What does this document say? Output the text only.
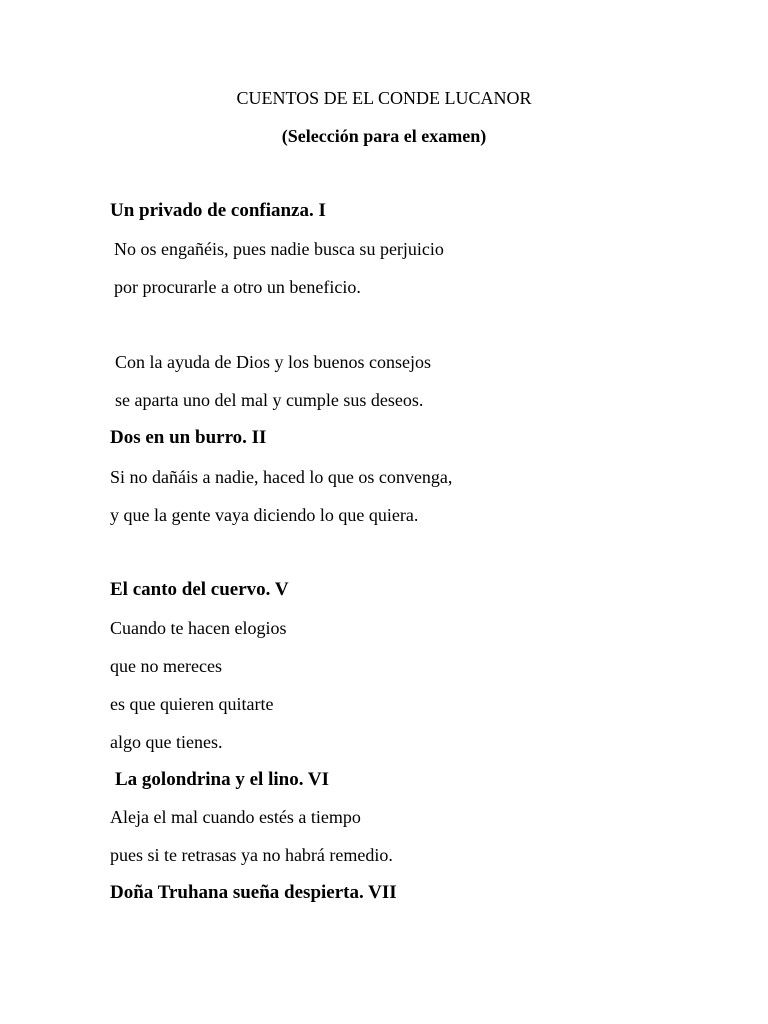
CUENTOS DE EL CONDE LUCANOR
(Selección para el examen)
Un privado de confianza. I
No os engañéis, pues nadie busca su perjuicio
por procurarle a otro un beneficio.
Con la ayuda de Dios y los buenos consejos
se aparta uno del mal y cumple sus deseos.
Dos en un burro. II
Si no dañáis a nadie, haced lo que os convenga,
y que la gente vaya diciendo lo que quiera.
El canto del cuervo. V
Cuando te hacen elogios
que no mereces
es que quieren quitarte
algo que tienes.
La golondrina y el lino. VI
Aleja el mal cuando estés a tiempo
pues si te retrasas ya no habrá remedio.
Doña Truhana sueña despierta. VII
